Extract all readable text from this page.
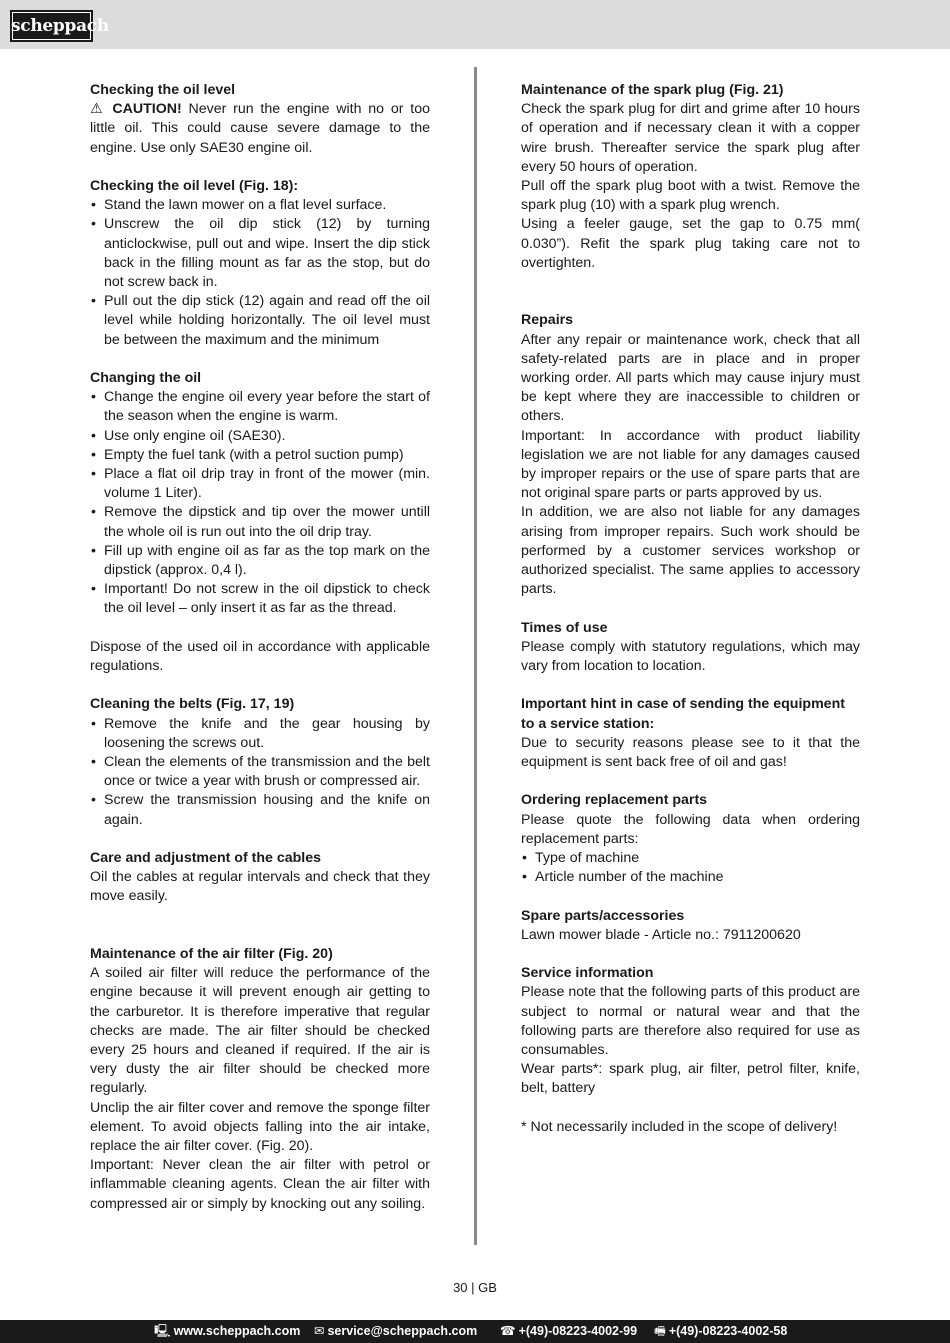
scheppach
Checking the oil level

⚠ CAUTION! Never run the engine with no or too little oil. This could cause severe damage to the engine. Use only SAE30 engine oil.

Checking the oil level (Fig. 18):
• Stand the lawn mower on a flat level surface.
• Unscrew the oil dip stick (12) by turning anticlockwise, pull out and wipe. Insert the dip stick back in the filling mount as far as the stop, but do not screw back in.
• Pull out the dip stick (12) again and read off the oil level while holding horizontally. The oil level must be between the maximum and the minimum
Changing the oil
• Change the engine oil every year before the start of the season when the engine is warm.
• Use only engine oil (SAE30).
• Empty the fuel tank (with a petrol suction pump)
• Place a flat oil drip tray in front of the mower (min. volume 1 Liter).
• Remove the dipstick and tip over the mower untill the whole oil is run out into the oil drip tray.
• Fill up with engine oil as far as the top mark on the dipstick (approx. 0,4 l).
• Important! Do not screw in the oil dipstick to check the oil level – only insert it as far as the thread.

Dispose of the used oil in accordance with applicable regulations.

Cleaning the belts (Fig. 17, 19)
• Remove the knife and the gear housing by loosening the screws out.
• Clean the elements of the transmission and the belt once or twice a year with brush or compressed air.
• Screw the transmission housing and the knife on again.
Care and adjustment of the cables

Oil the cables at regular intervals and check that they move easily.

Maintenance of the air filter (Fig. 20)

A soiled air filter will reduce the performance of the engine because it will prevent enough air getting to the carburetor. It is therefore imperative that regular checks are made. The air filter should be checked every 25 hours and cleaned if required. If the air is very dusty the air filter should be checked more regularly.

Unclip the air filter cover and remove the sponge filter element. To avoid objects falling into the air intake, replace the air filter cover. (Fig. 20).

Important: Never clean the air filter with petrol or inflammable cleaning agents. Clean the air filter with compressed air or simply by knocking out any soiling.

Maintenance of the spark plug (Fig. 21)

Check the spark plug for dirt and grime after 10 hours of operation and if necessary clean it with a copper wire brush. Thereafter service the spark plug after every 50 hours of operation.

Pull off the spark plug boot with a twist. Remove the spark plug (10) with a spark plug wrench.

Using a feeler gauge, set the gap to 0.75 mm( 0.030”). Refit the spark plug taking care not to overtighten.

Repairs

After any repair or maintenance work, check that all safety-related parts are in place and in proper working order. All parts which may cause injury must be kept where they are inaccessible to children or others.

Important: In accordance with product liability legislation we are not liable for any damages caused by improper repairs or the use of spare parts that are not original spare parts or parts approved by us.

In addition, we are also not liable for any damages arising from improper repairs. Such work should be performed by a customer services workshop or authorized specialist. The same applies to accessory parts.

Times of use

Please comply with statutory regulations, which may vary from location to location.

Important hint in case of sending the equipment to a service station:

Due to security reasons please see to it that the equipment is sent back free of oil and gas!

Ordering replacement parts

Please quote the following data when ordering replacement parts:

• Type of machine
• Article number of the machine
Spare parts/accessories

Lawn mower blade - Article no.: 7911200620

Service information

Please note that the following parts of this product are subject to normal or natural wear and that the following parts are therefore also required for use as consumables.

Wear parts*: spark plug, air filter, petrol filter, knife, belt, battery

* Not necessarily included in the scope of delivery!

30 | GB
🖳 www.scheppach.com ✉ service@scheppach.com ☎ +(49)-08223-4002-99 🖷 +(49)-08223-4002-58
